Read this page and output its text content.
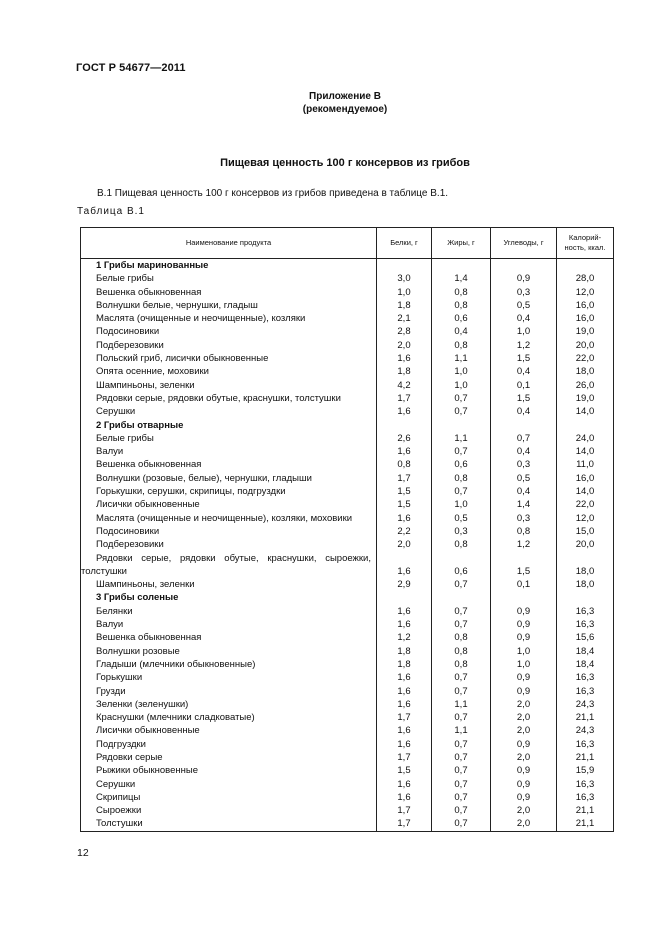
ГОСТ Р 54677—2011
Приложение В
(рекомендуемое)
Пищевая ценность 100 г консервов из грибов
В.1 Пищевая ценность 100 г консервов из грибов приведена в таблице В.1.
Таблица В.1
Наименование продукта	Белки, г	Жиры, г	Углеводы, г	Калорий-
ность, ккал.

1 Грибы маринованные				
Белые грибы	3,0	1,4	0,9	28,0
Вешенка обыкновенная	1,0	0,8	0,3	12,0
Волнушки белые, чернушки, гладыш	1,8	0,8	0,5	16,0
Маслята (очищенные и неочищенные), козляки	2,1	0,6	0,4	16,0
Подосиновики	2,8	0,4	1,0	19,0
Подберезовики	2,0	0,8	1,2	20,0
Польский гриб, лисички обыкновенные	1,6	1,1	1,5	22,0
Опята осенние, моховики	1,8	1,0	0,4	18,0
Шампиньоны, зеленки	4,2	1,0	0,1	26,0
Рядовки серые, рядовки обутые, краснушки, толстушки	1,7	0,7	1,5	19,0
Серушки	1,6	0,7	0,4	14,0
2 Грибы отварные				
Белые грибы	2,6	1,1	0,7	24,0
Валуи	1,6	0,7	0,4	14,0
Вешенка обыкновенная	0,8	0,6	0,3	11,0
Волнушки (розовые, белые), чернушки, гладыши	1,7	0,8	0,5	16,0
Горькушки, серушки, скрипицы, подгруздки	1,5	0,7	0,4	14,0
Лисички обыкновенные	1,5	1,0	1,4	22,0
Маслята (очищенные и неочищенные), козляки, моховики	1,6	0,5	0,3	12,0
Подосиновики	2,2	0,3	0,8	15,0
Подберезовики	2,0	0,8	1,2	20,0

Рядовки серые, рядовки обутые, краснушки, сыроежки,
толстушки	1,6	0,6	1,5	18,0
Шампиньоны, зеленки	2,9	0,7	0,1	18,0
3 Грибы соленые				
Белянки	1,6	0,7	0,9	16,3
Валуи	1,6	0,7	0,9	16,3
Вешенка обыкновенная	1,2	0,8	0,9	15,6
Волнушки розовые	1,8	0,8	1,0	18,4
Гладыши (млечники обыкновенные)	1,8	0,8	1,0	18,4
Горькушки	1,6	0,7	0,9	16,3
Грузди	1,6	0,7	0,9	16,3
Зеленки (зеленушки)	1,6	1,1	2,0	24,3
Краснушки (млечники сладковатые)	1,7	0,7	2,0	21,1
Лисички обыкновенные	1,6	1,1	2,0	24,3
Подгруздки	1,6	0,7	0,9	16,3
Рядовки серые	1,7	0,7	2,0	21,1
Рыжики обыкновенные	1,5	0,7	0,9	15,9
Серушки	1,6	0,7	0,9	16,3
Скрипицы	1,6	0,7	0,9	16,3
Сыроежки	1,7	0,7	2,0	21,1
Толстушки	1,7	0,7	2,0	21,1
12
